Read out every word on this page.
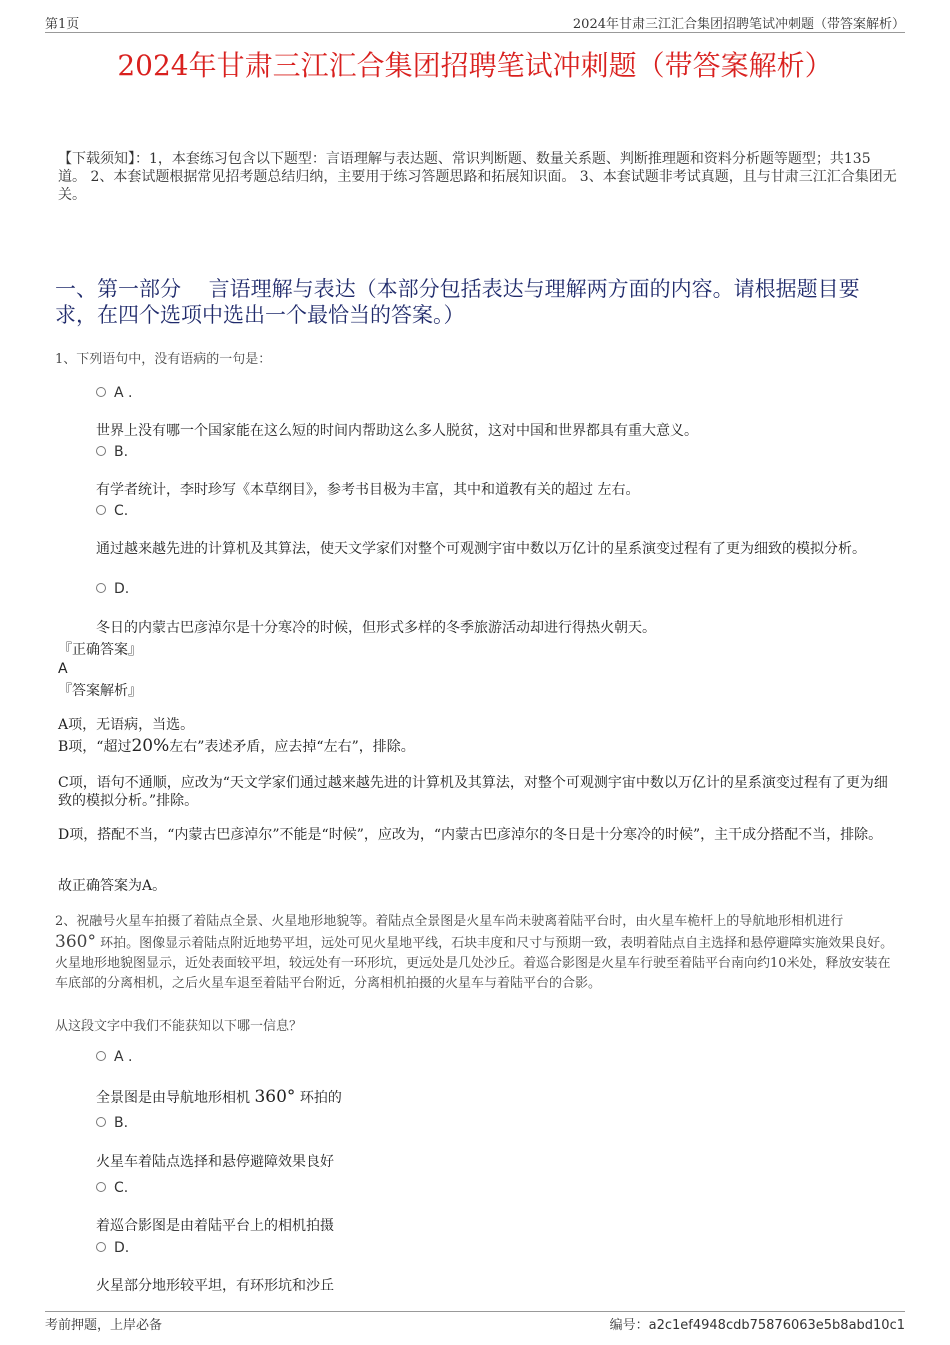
第1页	2024年甘肃三江汇合集团招聘笔试冲刺题（带答案解析）
2024年甘肃三江汇合集团招聘笔试冲刺题（带答案解析）
【下载须知】：1，本套练习包含以下题型：言语理解与表达题、常识判断题、数量关系题、判断推理题和资料分析题等题型；共135道。 2、本套试题根据常见招考题总结归纳，主要用于练习答题思路和拓展知识面。 3、本套试题非考试真题，且与甘肃三江汇合集团无关。
一、第一部分　 言语理解与表达（本部分包括表达与理解两方面的内容。请根据题目要求，在四个选项中选出一个最恰当的答案。）
1、下列语句中，没有语病的一句是：
A .
世界上没有哪一个国家能在这么短的时间内帮助这么多人脱贫，这对中国和世界都具有重大意义。
B.
有学者统计，李时珍写《本草纲目》，参考书目极为丰富，其中和道教有关的超过 左右。
C.
通过越来越先进的计算机及其算法，使天文学家们对整个可观测宇宙中数以万亿计的星系演变过程有了更为细致的模拟分析。
D.
冬日的内蒙古巴彦淖尔是十分寒冷的时候，但形式多样的冬季旅游活动却进行得热火朝天。
『正确答案』
A
『答案解析』
A项，无语病，当选。
B项，“超过20%左右”表述矛盾，应去掉“左右”，排除。
C项，语句不通顺，应改为“天文学家们通过越来越先进的计算机及其算法，对整个可观测宇宙中数以万亿计的星系演变过程有了更为细致的模拟分析。”排除。
D项，搭配不当，“内蒙古巴彦淖尔”不能是“时候”，应改为，“内蒙古巴彦淖尔的冬日是十分寒冷的时候”，主干成分搭配不当，排除。
故正确答案为A。
2、祝融号火星车拍摄了着陆点全景、火星地形地貌等。着陆点全景图是火星车尚未驶离着陆平台时，由火星车桅杆上的导航地形相机进行
360° 环拍。图像显示着陆点附近地势平坦，远处可见火星地平线，石块丰度和尺寸与预期一致，表明着陆点自主选择和悬停避障实施效果良好。火星地形地貌图显示，近处表面较平坦，较远处有一环形坑，更远处是几处沙丘。着巡合影图是火星车行驶至着陆平台南向约10米处，释放安装在车底部的分离相机，之后火星车退至着陆平台附近，分离相机拍摄的火星车与着陆平台的合影。
从这段文字中我们不能获知以下哪一信息？
A .
全景图是由导航地形相机 360° 环拍的
B.
火星车着陆点选择和悬停避障效果良好
C.
着巡合影图是由着陆平台上的相机拍摄
D.
火星部分地形较平坦，有环形坑和沙丘
考前押题，上岸必备	编号：a2c1ef4948cdb75876063e5b8abd10c1
